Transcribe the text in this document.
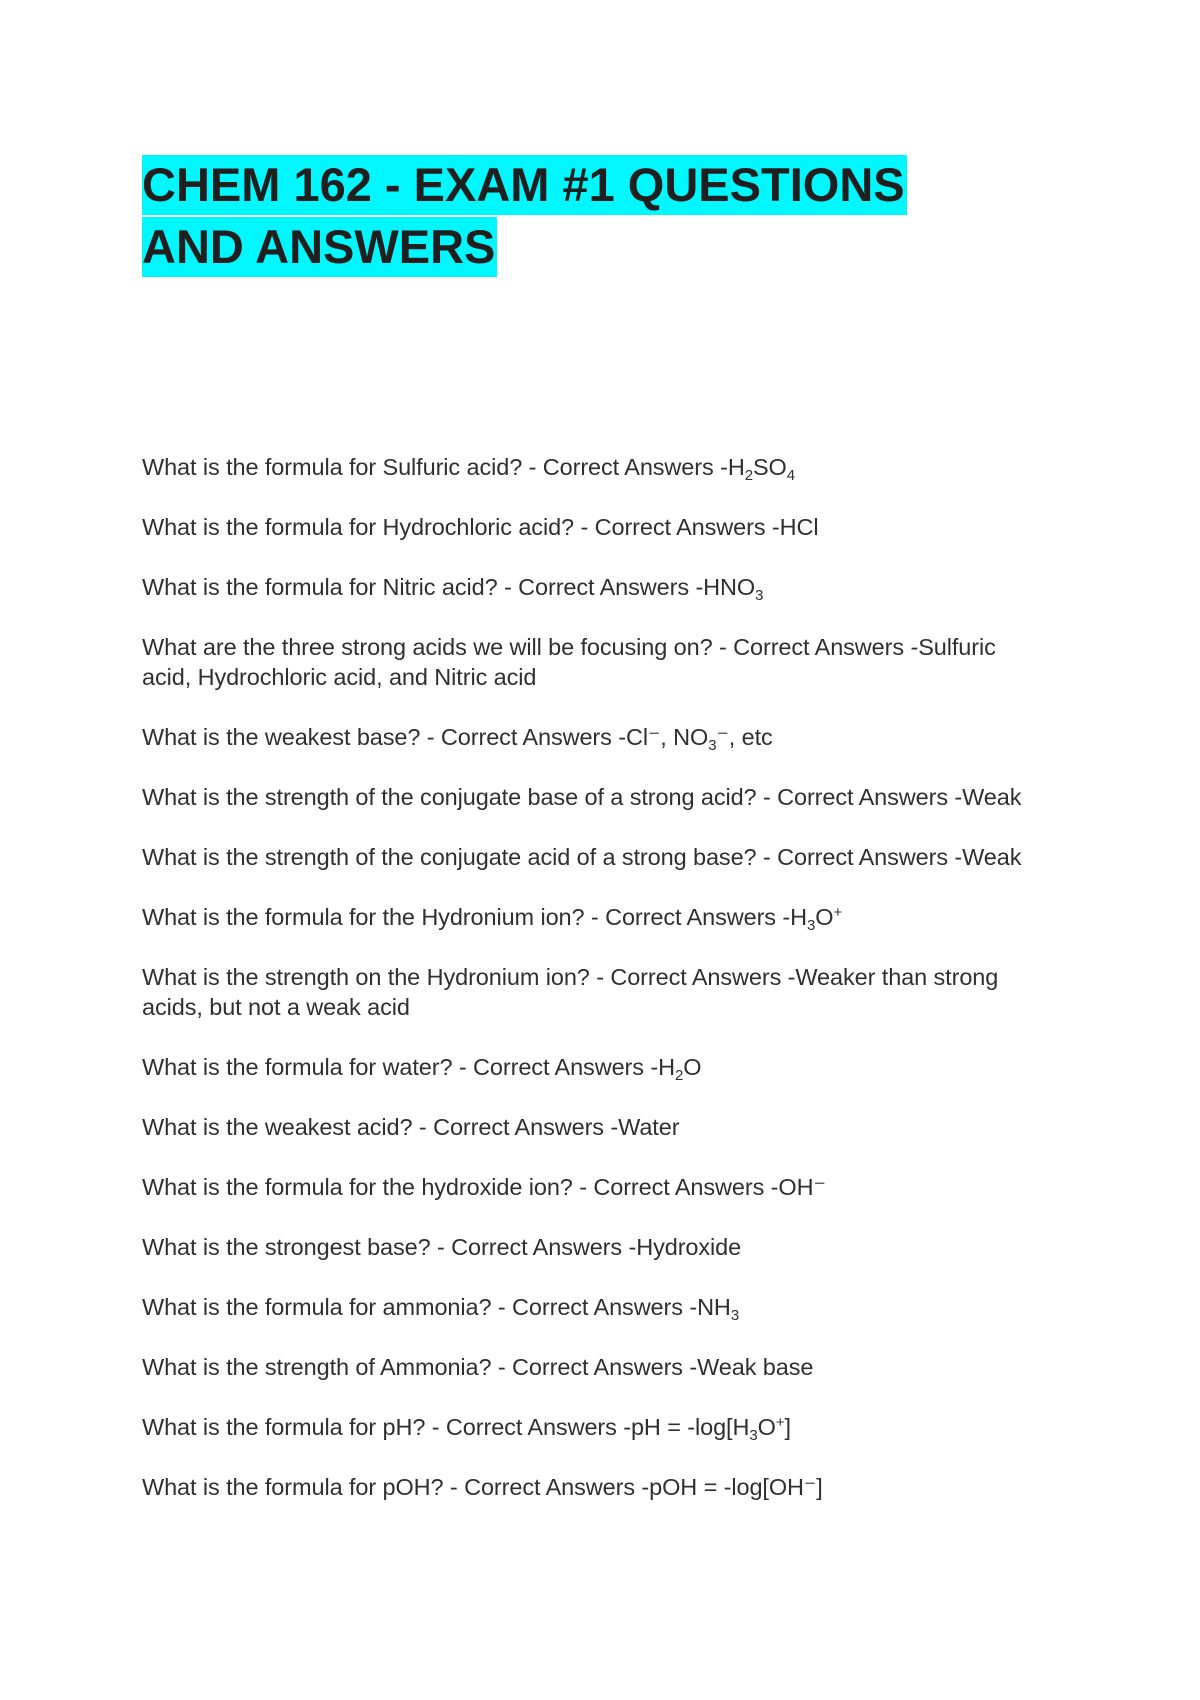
CHEM 162 - EXAM #1 QUESTIONS
AND ANSWERS
What is the formula for Sulfuric acid? - Correct Answers $-H_2SO_4$
What is the formula for Hydrochloric acid? - Correct Answers -HCl
What is the formula for Nitric acid? - Correct Answers $-HNO_3$
What are the three strong acids we will be focusing on? - Correct Answers -Sulfuric acid, Hydrochloric acid, and Nitric acid
What is the weakest base? - Correct Answers -Cl⁻, $NO_3^-$, etc
What is the strength of the conjugate base of a strong acid? - Correct Answers -Weak
What is the strength of the conjugate acid of a strong base? - Correct Answers -Weak
What is the formula for the Hydronium ion? - Correct Answers $-H_3O^+$
What is the strength on the Hydronium ion? - Correct Answers -Weaker than strong acids, but not a weak acid
What is the formula for water? - Correct Answers $-H_2O$
What is the weakest acid? - Correct Answers -Water
What is the formula for the hydroxide ion? - Correct Answers -OH⁻
What is the strongest base? - Correct Answers -Hydroxide
What is the formula for ammonia? - Correct Answers $-NH_3$
What is the strength of Ammonia? - Correct Answers -Weak base
What is the formula for pH? - Correct Answers $-pH = -\log[H_3O^+]$
What is the formula for pOH? - Correct Answers -pOH = -log[OH⁻]
